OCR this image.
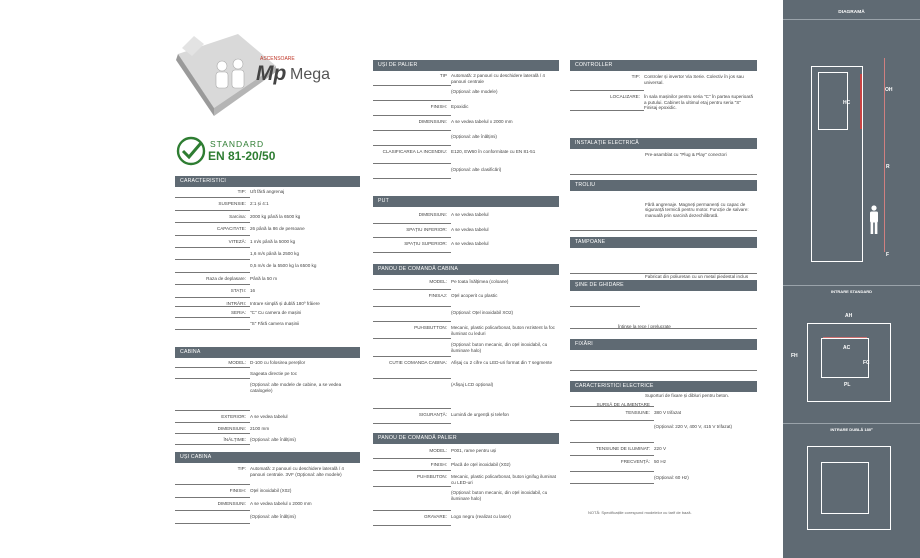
ASCENSOARE
Mp Mega
STANDARD
EN 81-20/50
CARACTERISTICI
TIP: Uft fără angrenaj
SUSPENSIE: 2:1 și 4:1
Sarcina: 2000 kg până la 6500 kg
CAPACITATE: 26 până la 86 de persoane
VITEZĂ: 1 m/s până la 5000 kg
1,6 m/s până la 2500 kg
0,5 m/s de la 5500 kg la 6500 kg
Raza de deplasare: Până la 50 m
STAȚII: 16
INTRĂRI: Intrare simplă și dublă 180º frâiere
SERIA: "C" Cu camera de mașini
"S" Fără camera mașinii
CABINA
MODEL: D-100 cu folosirea pereților
Sageata directie pe toc
(Opțional: alte modele de cabine, a se vedea catalogele)
EXTERIOR: A se vedea tabelul
DIMENSIUNI: 2100 mm
ÎNĂLȚIME: (Opțional: alte înălțimi)
UȘI CABINA
TIP: Automată: 2 panouri cu deschidere laterală / 4 panouri centrale. 3VF (Opțional: alte modele)
FINISH: Oțel inoxidabil (X02)
DIMENSIUNI: A se vedea tabelul x 2000 mm
(Opțional: alte înălțimi)
UȘI DE PALIER
TIP Automată: 2 panouri cu deschidere laterală / 4 panouri centrale
(Opțional: alte modele)
FINISH: Epoxidic
DIMENSIUNI: A se vedea tabelul x 2000 mm
(Opțional: alte înălțimi)
CLASIFICAREA LA INCENDIU: E120, EW60 în conformitate cu EN 81-51
(Opțional: alte clasificări)
PUT
DIMENSIUNI: A se vedea tabelul
SPAȚIU INFERIOR: A se vedea tabelul
SPAȚIU SUPERIOR: A se vedea tabelul
PANOU DE COMANDĂ CABINA
MODEL: Pe toata înălțimea (coloane)
FINISAJ: Oțel acoperit cu plastic
(Opțional: Oțel inoxidabil XO2)
PUHSBUTTON: Mecanic, plastic policarbonat, buton rezistent la foc iluminat cu leduri
(Opțional: buton mecanic, din oțel inoxidabil, cu iluminare halo)
CUTIE COMANDA CABINA: Afișaj cu 2 cifre cu LED-uri format din 7 segmente
(Afișaj LCD opțional)
SIGURANȚĂ: Lumină de urgență și telefon
PANOU DE COMANDĂ PALIER
MODEL: P001, rame pentru uși
FINISH: Placă de oțel inoxidabil (X02)
PUHSBUTON: Mecanic, plastic policarbonat, buton ignifug iluminat cu LED-uri
(Opțional: buton mecanic, din oțel inoxidabil, cu iluminare halo)
GRAVARE: Logo negru (realizat cu laser)
CONTROLLER
TIP: Controler și invertor Via Serie. Colectiv în jos sau universal.
LOCALIZARE: În sala mașinilor pentru seria "C" În partea superioară a putului. Cabinet la ultimul etaj pentru seria "S" Finisaj epoxidic.
INSTALAȚIE ELECTRICĂ
Pre-asamblat cu "Plug & Play" conectori
TROLIU
Fără angrenaje. Magneți permanenți cu capac de siguranță termică pentru motor. Funcție de salvare: manuală prin sarcină dezechilibrată.
TAMPOANE
Fabricat din poliuretan cu un metal piedestal inclus
ȘINE DE GHIDARE
Întinse la rece / prelucrate
FIXĂRI
Suporturi de fixare și dibluri pentru beton.
CARACTERISTICI ELECTRICE
SURSĂ DE ALIMENTARE
TENSIUNE: 380 V trifazat
(Opțional: 220 V, 400 V, 415 V trifazat)
TENSIUNE DE ILUMINAT: 220 V
FRECVENȚĂ: 50 Hz
(Opțional: 60 Hz)
NOTĂ: Specificațiile corespund modelelor cu tarif de bază.
DIAGRAMĂ
HC
OH
R
F
INTRARE STANDARD
AH
AC
FC
FH
PL
INTRARE DUBLĂ 180º
